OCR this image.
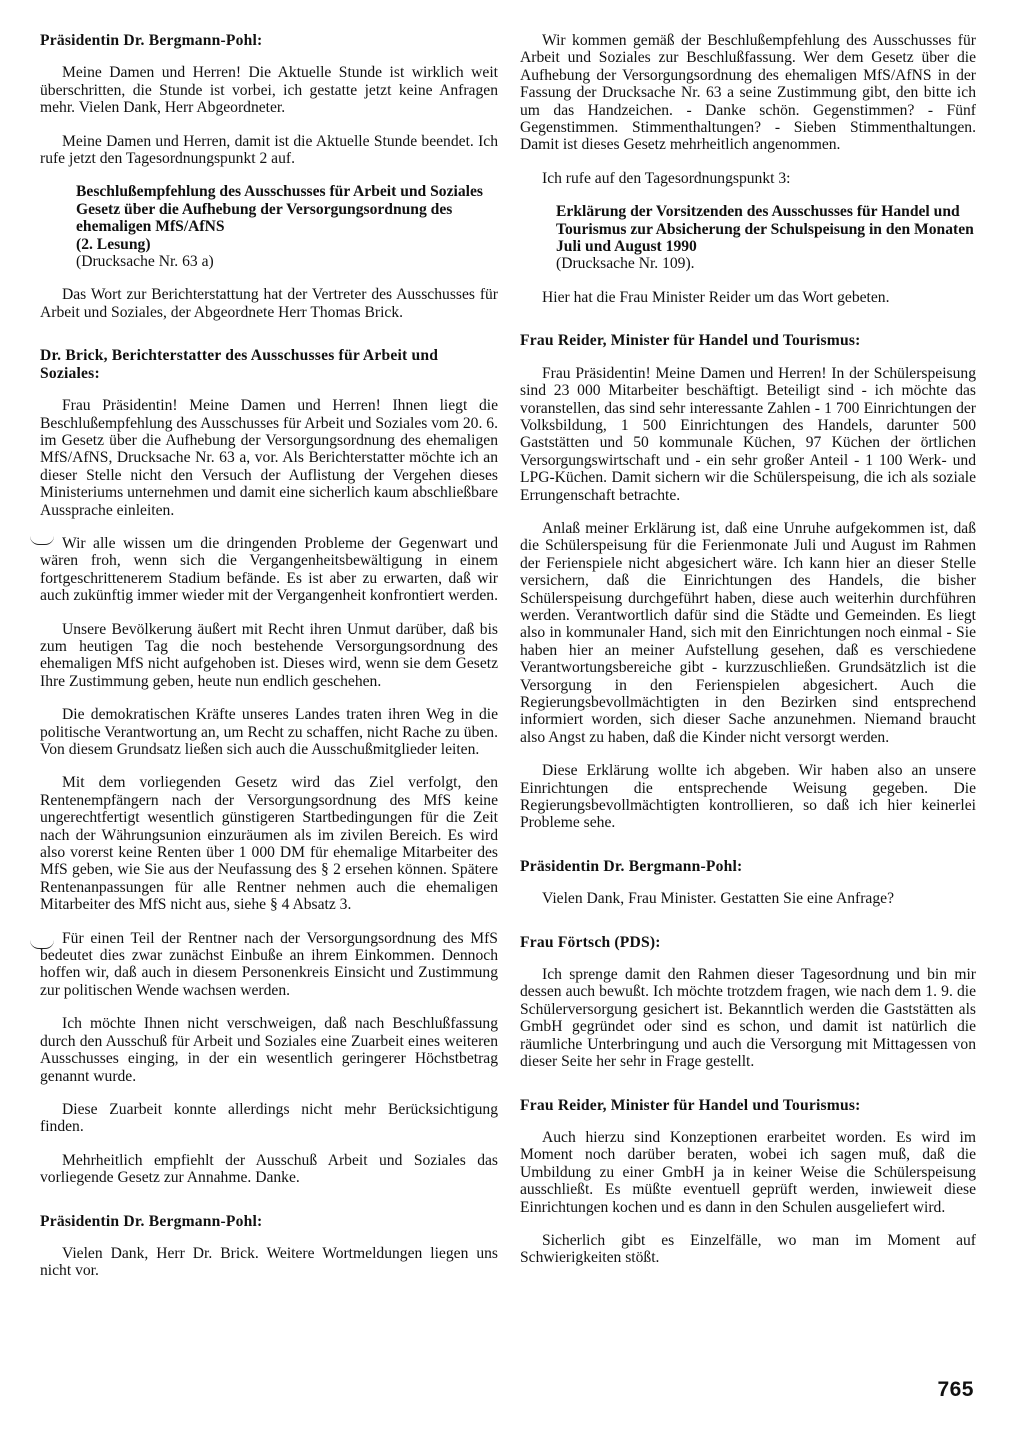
Präsidentin Dr. Bergmann-Pohl:

Meine Damen und Herren! Die Aktuelle Stunde ist wirklich weit überschritten, die Stunde ist vorbei, ich gestatte jetzt keine Anfragen mehr. Vielen Dank, Herr Abgeordneter.

Meine Damen und Herren, damit ist die Aktuelle Stunde beendet. Ich rufe jetzt den Tagesordnungspunkt 2 auf.

Beschlußempfehlung des Ausschusses für Arbeit und Soziales
Gesetz über die Aufhebung der Versorgungsordnung des ehemaligen MfS/AfNS
(2. Lesung)
(Drucksache Nr. 63 a)

Das Wort zur Berichterstattung hat der Vertreter des Ausschusses für Arbeit und Soziales, der Abgeordnete Herr Thomas Brick.

Dr. Brick, Berichterstatter des Ausschusses für Arbeit und Soziales:

Frau Präsidentin! Meine Damen und Herren! Ihnen liegt die Beschlußempfehlung des Ausschusses für Arbeit und Soziales vom 20. 6. im Gesetz über die Aufhebung der Versorgungsordnung des ehemaligen MfS/AfNS, Drucksache Nr. 63 a, vor. Als Berichterstatter möchte ich an dieser Stelle nicht den Versuch der Auflistung der Vergehen dieses Ministeriums unternehmen und damit eine sicherlich kaum abschließbare Aussprache einleiten.

Wir alle wissen um die dringenden Probleme der Gegenwart und wären froh, wenn sich die Vergangenheitsbewältigung in einem fortgeschrittenerem Stadium befände. Es ist aber zu erwarten, daß wir auch zukünftig immer wieder mit der Vergangenheit konfrontiert werden.

Unsere Bevölkerung äußert mit Recht ihren Unmut darüber, daß bis zum heutigen Tag die noch bestehende Versorgungsordnung des ehemaligen MfS nicht aufgehoben ist. Dieses wird, wenn sie dem Gesetz Ihre Zustimmung geben, heute nun endlich geschehen.

Die demokratischen Kräfte unseres Landes traten ihren Weg in die politische Verantwortung an, um Recht zu schaffen, nicht Rache zu üben. Von diesem Grundsatz ließen sich auch die Ausschußmitglieder leiten.

Mit dem vorliegenden Gesetz wird das Ziel verfolgt, den Rentenempfängern nach der Versorgungsordnung des MfS keine ungerechtfertigt wesentlich günstigeren Startbedingungen für die Zeit nach der Währungsunion einzuräumen als im zivilen Bereich. Es wird also vorerst keine Renten über 1 000 DM für ehemalige Mitarbeiter des MfS geben, wie Sie aus der Neufassung des § 2 ersehen können. Spätere Rentenanpassungen für alle Rentner nehmen auch die ehemaligen Mitarbeiter des MfS nicht aus, siehe § 4 Absatz 3.

Für einen Teil der Rentner nach der Versorgungsordnung des MfS bedeutet dies zwar zunächst Einbuße an ihrem Einkommen. Dennoch hoffen wir, daß auch in diesem Personenkreis Einsicht und Zustimmung zur politischen Wende wachsen werden.

Ich möchte Ihnen nicht verschweigen, daß nach Beschlußfassung durch den Ausschuß für Arbeit und Soziales eine Zuarbeit eines weiteren Ausschusses einging, in der ein wesentlich geringerer Höchstbetrag genannt wurde.

Diese Zuarbeit konnte allerdings nicht mehr Berücksichtigung finden.

Mehrheitlich empfiehlt der Ausschuß Arbeit und Soziales das vorliegende Gesetz zur Annahme. Danke.

Präsidentin Dr. Bergmann-Pohl:

Vielen Dank, Herr Dr. Brick. Weitere Wortmeldungen liegen uns nicht vor.

Wir kommen gemäß der Beschlußempfehlung des Ausschusses für Arbeit und Soziales zur Beschlußfassung. Wer dem Gesetz über die Aufhebung der Versorgungsordnung des ehemaligen MfS/AfNS in der Fassung der Drucksache Nr. 63 a seine Zustimmung gibt, den bitte ich um das Handzeichen. - Danke schön. Gegenstimmen? - Fünf Gegenstimmen. Stimmenthaltungen? - Sieben Stimmenthaltungen. Damit ist dieses Gesetz mehrheitlich angenommen.

Ich rufe auf den Tagesordnungspunkt 3:

Erklärung der Vorsitzenden des Ausschusses für Handel und Tourismus zur Absicherung der Schulspeisung in den Monaten Juli und August 1990
(Drucksache Nr. 109).

Hier hat die Frau Minister Reider um das Wort gebeten.

Frau Reider, Minister für Handel und Tourismus:

Frau Präsidentin! Meine Damen und Herren! In der Schülerspeisung sind 23 000 Mitarbeiter beschäftigt. Beteiligt sind - ich möchte das voranstellen, das sind sehr interessante Zahlen - 1 700 Einrichtungen der Volksbildung, 1 500 Einrichtungen des Handels, darunter 500 Gaststätten und 50 kommunale Küchen, 97 Küchen der örtlichen Versorgungswirtschaft und - ein sehr großer Anteil - 1 100 Werk- und LPG-Küchen. Damit sichern wir die Schülerspeisung, die ich als soziale Errungenschaft betrachte.

Anlaß meiner Erklärung ist, daß eine Unruhe aufgekommen ist, daß die Schülerspeisung für die Ferienmonate Juli und August im Rahmen der Ferienspiele nicht abgesichert wäre. Ich kann hier an dieser Stelle versichern, daß die Einrichtungen des Handels, die bisher Schülerspeisung durchgeführt haben, diese auch weiterhin durchführen werden. Verantwortlich dafür sind die Städte und Gemeinden. Es liegt also in kommunaler Hand, sich mit den Einrichtungen noch einmal - Sie haben hier an meiner Aufstellung gesehen, daß es verschiedene Verantwortungsbereiche gibt - kurzzuschließen. Grundsätzlich ist die Versorgung in den Ferienspielen abgesichert. Auch die Regierungsbevollmächtigten in den Bezirken sind entsprechend informiert worden, sich dieser Sache anzunehmen. Niemand braucht also Angst zu haben, daß die Kinder nicht versorgt werden.

Diese Erklärung wollte ich abgeben. Wir haben also an unsere Einrichtungen die entsprechende Weisung gegeben. Die Regierungsbevollmächtigten kontrollieren, so daß ich hier keinerlei Probleme sehe.

Präsidentin Dr. Bergmann-Pohl:

Vielen Dank, Frau Minister. Gestatten Sie eine Anfrage?

Frau Förtsch (PDS):

Ich sprenge damit den Rahmen dieser Tagesordnung und bin mir dessen auch bewußt. Ich möchte trotzdem fragen, wie nach dem 1. 9. die Schülerversorgung gesichert ist. Bekanntlich werden die Gaststätten als GmbH gegründet oder sind es schon, und damit ist natürlich die räumliche Unterbringung und auch die Versorgung mit Mittagessen von dieser Seite her sehr in Frage gestellt.

Frau Reider, Minister für Handel und Tourismus:

Auch hierzu sind Konzeptionen erarbeitet worden. Es wird im Moment noch darüber beraten, wobei ich sagen muß, daß die Umbildung zu einer GmbH ja in keiner Weise die Schülerspeisung ausschließt. Es müßte eventuell geprüft werden, inwieweit diese Einrichtungen kochen und es dann in den Schulen ausgeliefert wird.

Sicherlich gibt es Einzelfälle, wo man im Moment auf Schwierigkeiten stößt.

765
